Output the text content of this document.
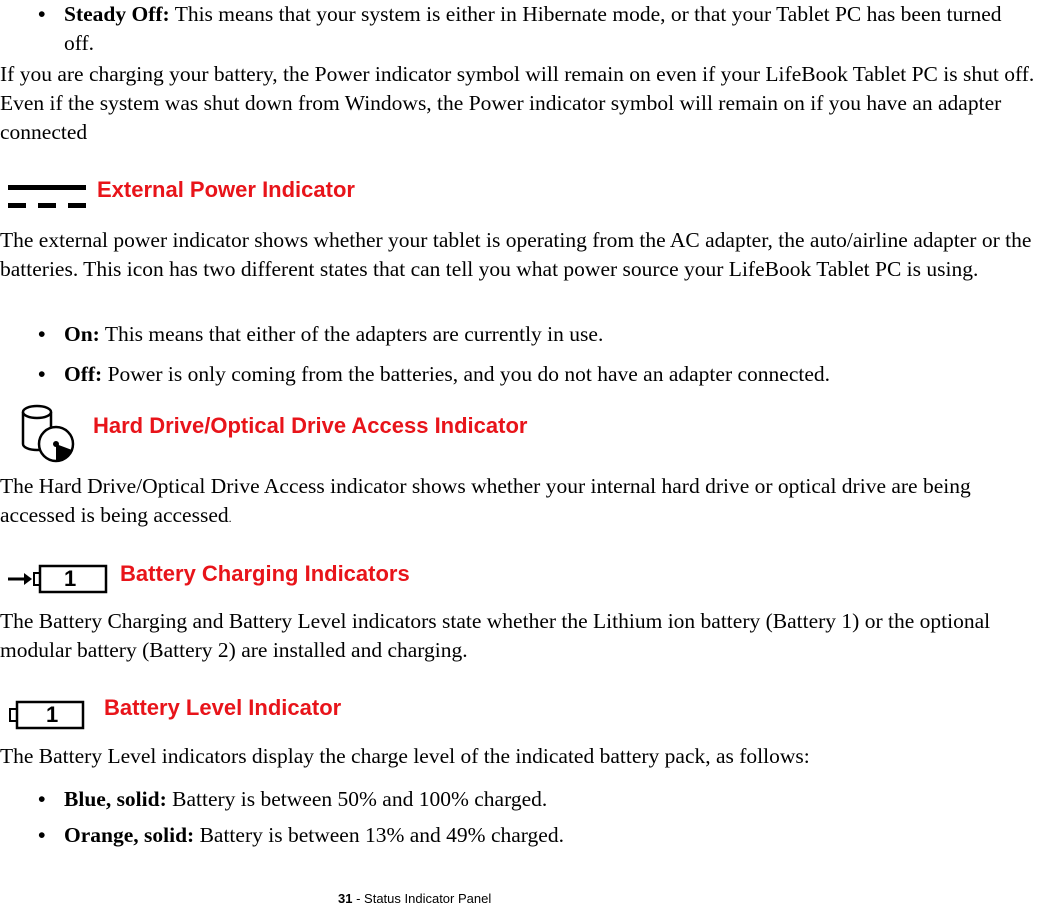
• Steady Off: This means that your system is either in Hibernate mode, or that your Tablet PC has been turned off.
If you are charging your battery, the Power indicator symbol will remain on even if your LifeBook Tablet PC is shut off. Even if the system was shut down from Windows, the Power indicator symbol will remain on if you have an adapter connected
External Power Indicator
The external power indicator shows whether your tablet is operating from the AC adapter, the auto/airline adapter or the batteries. This icon has two different states that can tell you what power source your LifeBook Tablet PC is using.
• On: This means that either of the adapters are currently in use.
• Off: Power is only coming from the batteries, and you do not have an adapter connected.
Hard Drive/Optical Drive Access Indicator
The Hard Drive/Optical Drive Access indicator shows whether your internal hard drive or optical drive are being accessed is being accessed.
1 Battery Charging Indicators
The Battery Charging and Battery Level indicators state whether the Lithium ion battery (Battery 1) or the optional modular battery (Battery 2) are installed and charging.
1 Battery Level Indicator
The Battery Level indicators display the charge level of the indicated battery pack, as follows:
• Blue, solid: Battery is between 50% and 100% charged.
• Orange, solid: Battery is between 13% and 49% charged.
31 - Status Indicator Panel
